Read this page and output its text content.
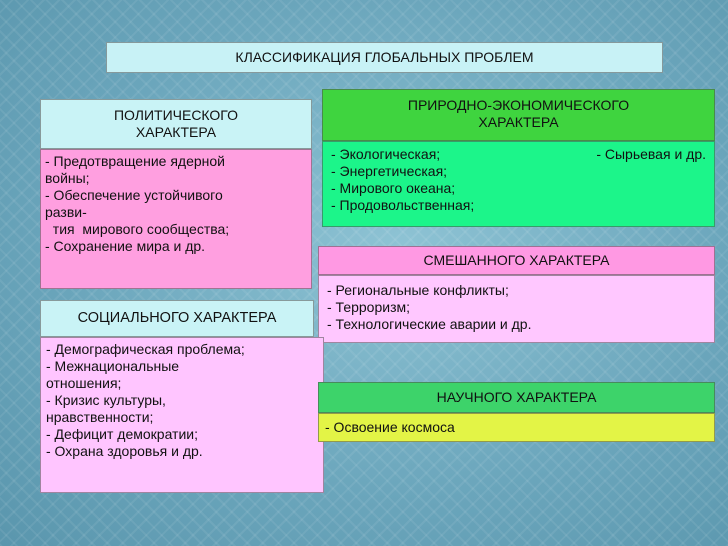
КЛАССИФИКАЦИЯ ГЛОБАЛЬНЫХ ПРОБЛЕМ
ПОЛИТИЧЕСКОГО
ХАРАКТЕРА
- Предотвращение ядерной
войны;
- Обеспечение устойчивого
разви-
тия  мирового сообщества;
- Сохранение мира и др.
ПРИРОДНО-ЭКОНОМИЧЕСКОГО
ХАРАКТЕРА
- Экологическая;
- Энергетическая;
- Мирового океана;
- Продовольственная;
- Сырьевая и др.
СМЕШАННОГО ХАРАКТЕРА
- Региональные конфликты;
- Терроризм;
- Технологические аварии и др.
СОЦИАЛЬНОГО ХАРАКТЕРА
- Демографическая проблема;
- Межнациональные
отношения;
- Кризис культуры,
нравственности;
- Дефицит демократии;
- Охрана здоровья и др.
НАУЧНОГО ХАРАКТЕРА
- Освоение космоса
